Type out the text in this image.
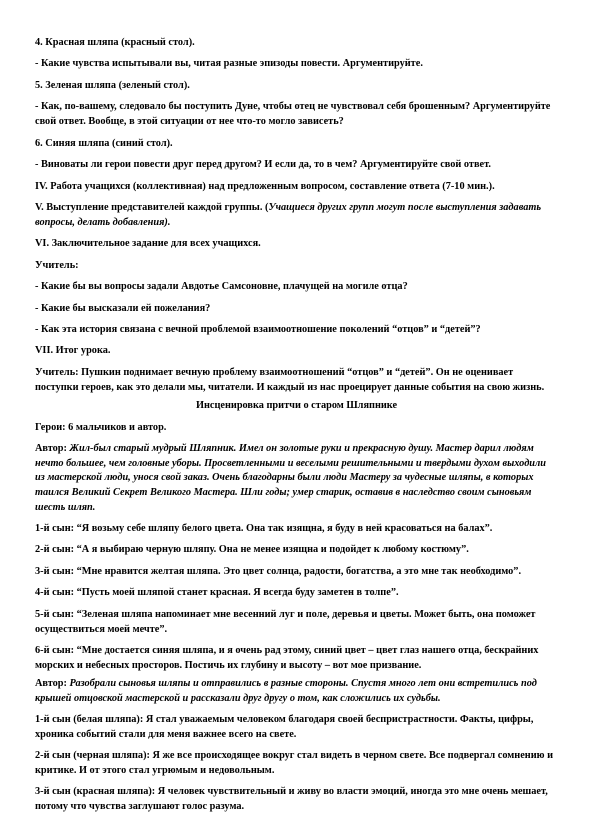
4. Красная шляпа (красный стол).

- Какие чувства испытывали вы, читая разные эпизоды повести. Аргументируйте.

5. Зеленая шляпа (зеленый стол).

- Как, по-вашему, следовало бы поступить Дуне, чтобы отец не чувствовал себя брошенным? Аргументируйте свой ответ. Вообще, в этой ситуации от нее что-то могло зависеть?

6. Синяя шляпа (синий стол).

- Виноваты ли герои повести друг перед другом? И если да, то в чем? Аргументируйте свой ответ.

IV. Работа учащихся (коллективная) над предложенным вопросом, составление ответа (7-10 мин.).

V. Выступление представителей каждой группы. (Учащиеся других групп могут после выступления задавать вопросы, делать добавления).

VI. Заключительное задание для всех учащихся.

Учитель:

- Какие бы вы вопросы задали Авдотье Самсоновне, плачущей на могиле отца?

- Какие бы высказали ей пожелания?

- Как эта история связана с вечной проблемой взаимоотношение поколений “отцов” и “детей”?

VII. Итог урока.

Учитель: Пушкин поднимает вечную проблему взаимоотношений “отцов” и “детей”. Он не оценивает поступки героев, как это делали мы, читатели. И каждый из нас проецирует данные события на свою жизнь.

Инсценировка притчи о старом Шляпнике

Герои: 6 мальчиков и автор.

Автор: Жил-был старый мудрый Шляпник. Имел он золотые руки и прекрасную душу. Мастер дарил людям нечто большее, чем головные уборы. Просветленными и веселыми решительными и твердыми духом выходили из мастерской люди, унося свой заказ. Очень благодарны были люди Мастеру за чудесные шляпы, в которых таился Великий Секрет Великого Мастера. Шли годы; умер старик, оставив в наследство своим сыновьям шесть шляп.

1-й сын: “Я возьму себе шляпу белого цвета. Она так изящна, я буду в ней красоваться на балах”.

2-й сын: “А я выбираю черную шляпу. Она не менее изящна и подойдет к любому костюму”.

3-й сын: “Мне нравится желтая шляпа. Это цвет солнца, радости, богатства, а это мне так необходимо”.

4-й сын: “Пусть моей шляпой станет красная. Я всегда буду заметен в толпе”.

5-й сын: “Зеленая шляпа напоминает мне весенний луг и поле, деревья и цветы. Может быть, она поможет осуществиться моей мечте”.

6-й сын: “Мне достается синяя шляпа, и я очень рад этому, синий цвет – цвет глаз нашего отца, бескрайних морских и небесных просторов. Постичь их глубину и высоту – вот мое призвание.

Автор: Разобрали сыновья шляпы и отправились в разные стороны. Спустя много лет они встретились под крышей отцовской мастерской и рассказали друг другу о том, как сложились их судьбы.

1-й сын (белая шляпа): Я стал уважаемым человеком благодаря своей беспристрастности. Факты, цифры, хроника событий стали для меня важнее всего на свете.

2-й сын (черная шляпа): Я же все происходящее вокруг стал видеть в черном свете. Все подвергал сомнению и критике. И от этого стал угрюмым и недовольным.

3-й сын (красная шляпа): Я человек чувствительный и живу во власти эмоций, иногда это мне очень мешает, потому что чувства заглушают голос разума.
